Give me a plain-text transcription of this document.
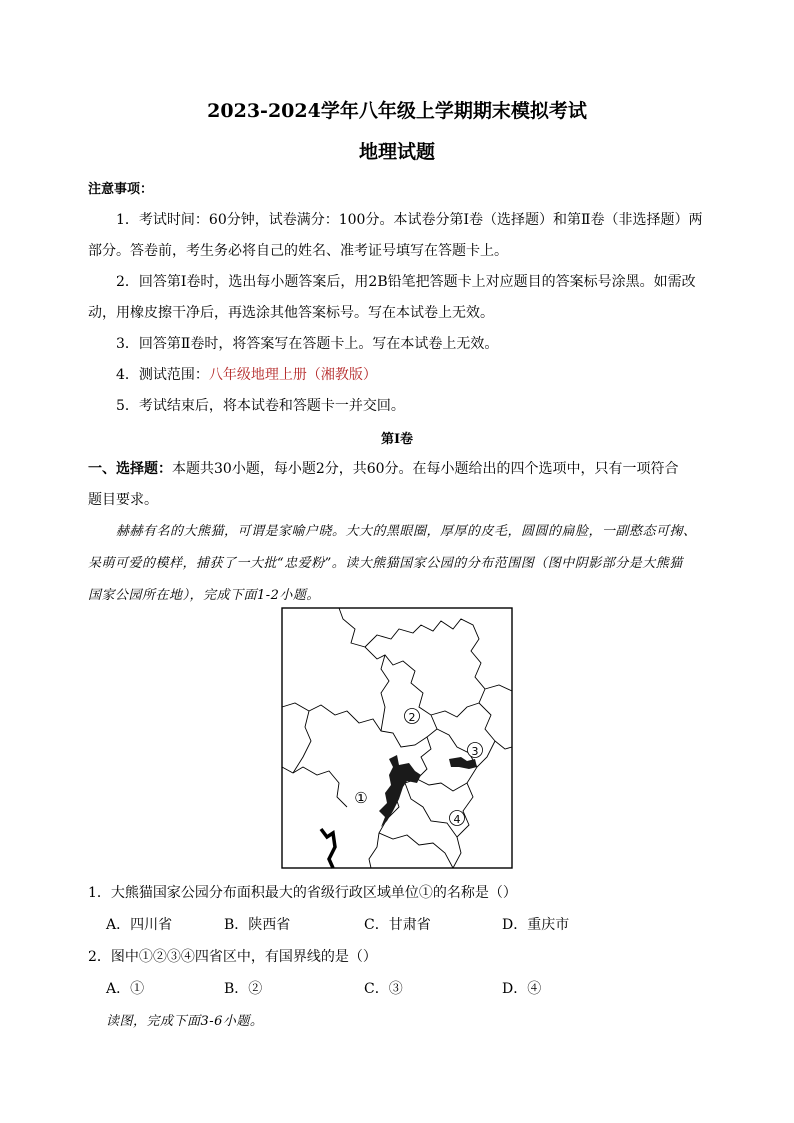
2023-2024学年八年级上学期期末模拟考试
地理试题
注意事项：
1．考试时间：60分钟，试卷满分：100分。本试卷分第Ⅰ卷（选择题）和第Ⅱ卷（非选择题）两
部分。答卷前，考生务必将自己的姓名、准考证号填写在答题卡上。
2．回答第Ⅰ卷时，选出每小题答案后，用2B铅笔把答题卡上对应题目的答案标号涂黑。如需改
动，用橡皮擦干净后，再选涂其他答案标号。写在本试卷上无效。
3．回答第Ⅱ卷时，将答案写在答题卡上。写在本试卷上无效。
4．测试范围：八年级地理上册（湘教版）
5．考试结束后，将本试卷和答题卡一并交回。
第Ⅰ卷
一、选择题：本题共30小题，每小题2分，共60分。在每小题给出的四个选项中，只有一项符合
题目要求。
赫赫有名的大熊猫，可谓是家喻户晓。大大的黑眼圈，厚厚的皮毛，圆圆的扁脸，一副憨态可掬、
呆萌可爱的模样，捕获了一大批“忠爱粉”。读大熊猫国家公园的分布范围图（图中阴影部分是大熊猫
国家公园所在地），完成下面1-2小题。
①
2
3
4
1．大熊猫国家公园分布面积最大的省级行政区域单位①的名称是（）
A．四川省	B．陕西省	C．甘肃省	D．重庆市
2．图中①②③④四省区中，有国界线的是（）
A．①	B．②	C．③	D．④
读图，完成下面3-6小题。
